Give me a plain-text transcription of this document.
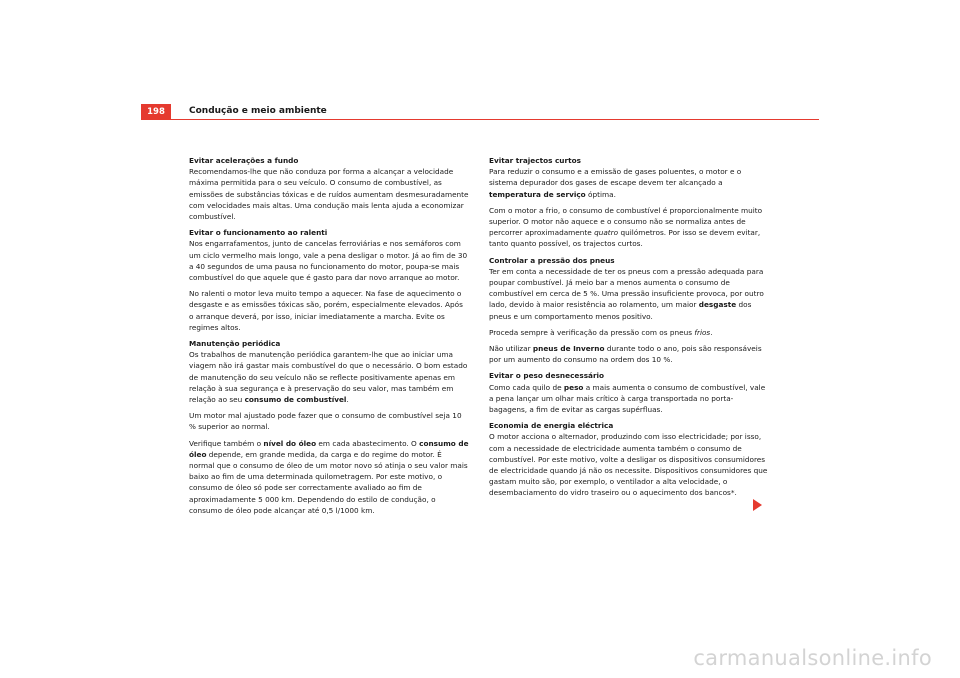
198	Condução e meio ambiente
Evitar acelerações a fundo

Recomendamos-lhe que não conduza por forma a alcançar a velocidade máxima permitida para o seu veículo. O consumo de combustível, as emissões de substâncias tóxicas e de ruídos aumentam desmesuradamente com velocidades mais altas. Uma condução mais lenta ajuda a economizar combustível.

Evitar o funcionamento ao ralenti

Nos engarrafamentos, junto de cancelas ferroviárias e nos semáforos com um ciclo vermelho mais longo, vale a pena desligar o motor. Já ao fim de 30 a 40 segundos de uma pausa no funcionamento do motor, poupa-se mais combustível do que aquele que é gasto para dar novo arranque ao motor.

No ralenti o motor leva muito tempo a aquecer. Na fase de aquecimento o desgaste e as emissões tóxicas são, porém, especialmente elevados. Após o arranque deverá, por isso, iniciar imediatamente a marcha. Evite os regimes altos.

Manutenção periódica

Os trabalhos de manutenção periódica garantem-lhe que ao iniciar uma viagem não irá gastar mais combustível do que o necessário. O bom estado de manutenção do seu veículo não se reflecte positivamente apenas em relação à sua segurança e à preservação do seu valor, mas também em relação ao seu consumo de combustível.

Um motor mal ajustado pode fazer que o consumo de combustível seja 10 % superior ao normal.

Verifique também o nível do óleo em cada abastecimento. O consumo de óleo depende, em grande medida, da carga e do regime do motor. É normal que o consumo de óleo de um motor novo só atinja o seu valor mais baixo ao fim de uma determinada quilometragem. Por este motivo, o consumo de óleo só pode ser correctamente avaliado ao fim de aproximadamente 5 000 km. Dependendo do estilo de condução, o consumo de óleo pode alcançar até 0,5 l/1000 km.

Evitar trajectos curtos

Para reduzir o consumo e a emissão de gases poluentes, o motor e o sistema depurador dos gases de escape devem ter alcançado a temperatura de serviço óptima.

Com o motor a frio, o consumo de combustível é proporcionalmente muito superior. O motor não aquece e o consumo não se normaliza antes de percorrer aproximadamente quatro quilómetros. Por isso se devem evitar, tanto quanto possível, os trajectos curtos.

Controlar a pressão dos pneus

Ter em conta a necessidade de ter os pneus com a pressão adequada para poupar combustível. Já meio bar a menos aumenta o consumo de combustível em cerca de 5 %. Uma pressão insuficiente provoca, por outro lado, devido à maior resistência ao rolamento, um maior desgaste dos pneus e um comportamento menos positivo.

Proceda sempre à verificação da pressão com os pneus frios.

Não utilizar pneus de Inverno durante todo o ano, pois são responsáveis por um aumento do consumo na ordem dos 10 %.

Evitar o peso desnecessário

Como cada quilo de peso a mais aumenta o consumo de combustível, vale a pena lançar um olhar mais crítico à carga transportada no porta-bagagens, a fim de evitar as cargas supérfluas.

Economia de energia eléctrica

O motor acciona o alternador, produzindo com isso electricidade; por isso, com a necessidade de electricidade aumenta também o consumo de combustível. Por este motivo, volte a desligar os dispositivos consumidores de electricidade quando já não os necessite. Dispositivos consumidores que gastam muito são, por exemplo, o ventilador a alta velocidade, o desembaciamento do vidro traseiro ou o aquecimento dos bancos*.

carmanualsonline.info
